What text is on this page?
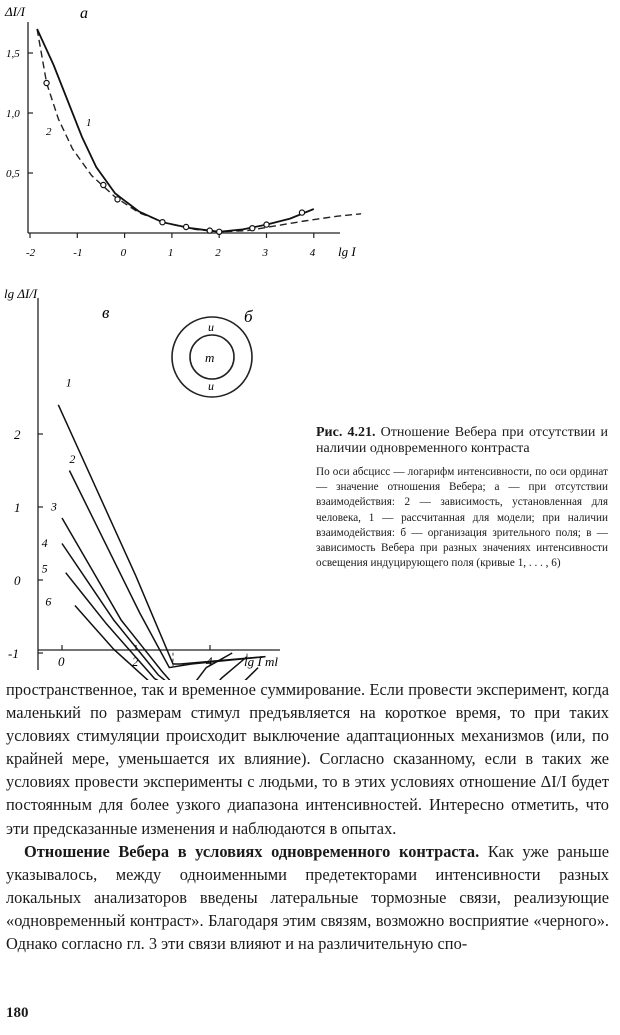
ΔI/I	а
lg I
1,5
1,0
0,5
-2	-1	0	1	2	3	4
2
1
lg ΔI/I
в
lg I ml
2
1
0
-1
0	2	4
1
2
3
4
5
6
б
u
m
u
Рис. 4.21. Отношение Вебера при отсутствии и наличии одновременного контраста
По оси абсцисс — логарифм интенсивности, по оси ординат — значение отношения Вебера; а — при отсутствии взаимодействия: 2 — зависимость, установленная для человека, 1 — рассчитанная для модели; при наличии взаимодействия: б — организация зрительного поля; в — зависимость Вебера при разных значениях интенсивности освещения индуцирующего поля (кривые 1, . . . , 6)

пространственное, так и временное суммирование. Если провести эксперимент, когда маленький по размерам стимул предъявляется на короткое время, то при таких условиях стимуляции происходит выключение адаптационных механизмов (или, по крайней мере, уменьшается их влияние). Согласно сказанному, если в таких же условиях провести эксперименты с людьми, то в этих условиях отношение ΔI/I будет постоянным для более узкого диапазона интенсивностей. Интересно отметить, что эти предсказанные изменения и наблюдаются в опытах.

Отношение Вебера в условиях одновременного контраста. Как уже раньше указывалось, между одноименными предетекторами интенсивности разных локальных анализаторов введены латеральные тормозные связи, реализующие «одновременный контраст». Благодаря этим связям, возможно восприятие «черного». Однако согласно гл. 3 эти связи влияют и на различительную спо-

180
